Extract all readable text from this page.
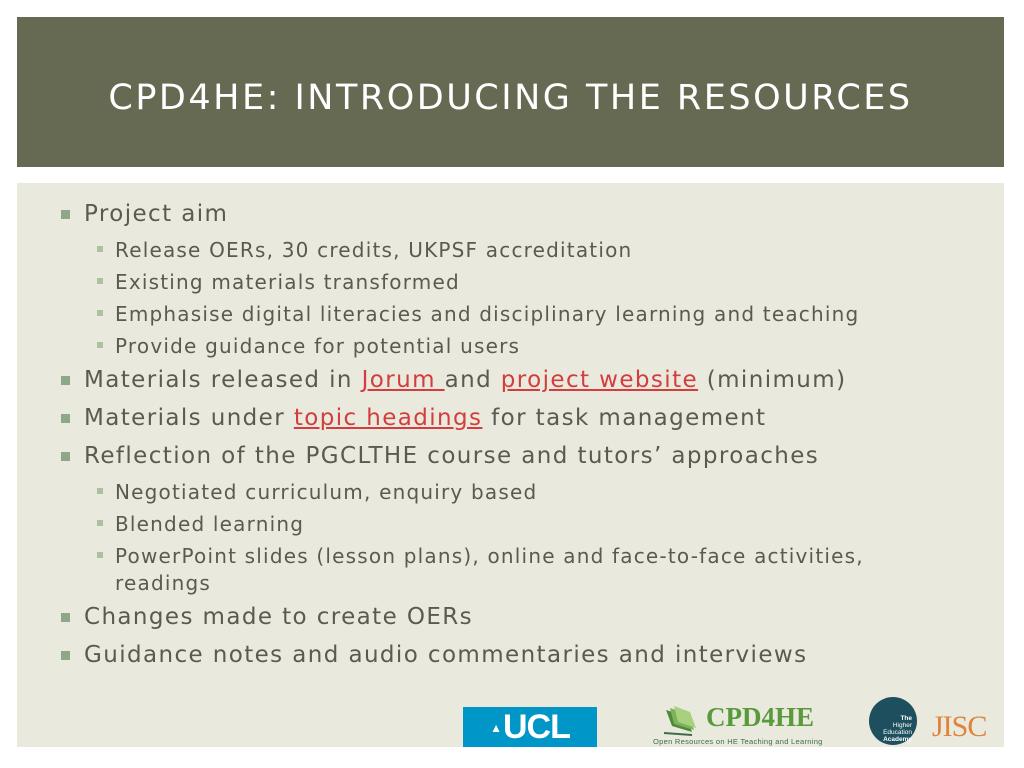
CPD4HE: INTRODUCING THE RESOURCES
Project aim
Release OERs, 30 credits, UKPSF accreditation
Existing materials transformed
Emphasise digital literacies and disciplinary learning and teaching
Provide guidance for potential users
Materials released in Jorum and project website (minimum)
Materials under topic headings for task management
Reflection of the PGCLTHE course and tutors’ approaches
Negotiated curriculum, enquiry based
Blended learning
PowerPoint slides (lesson plans), online and face-to-face activities, readings
Changes made to create OERs
Guidance notes and audio commentaries and interviews
▲ UCL	CPD4HE
Open Resources on HE Teaching and Learning
The
Higher
Education
Academy JISC
